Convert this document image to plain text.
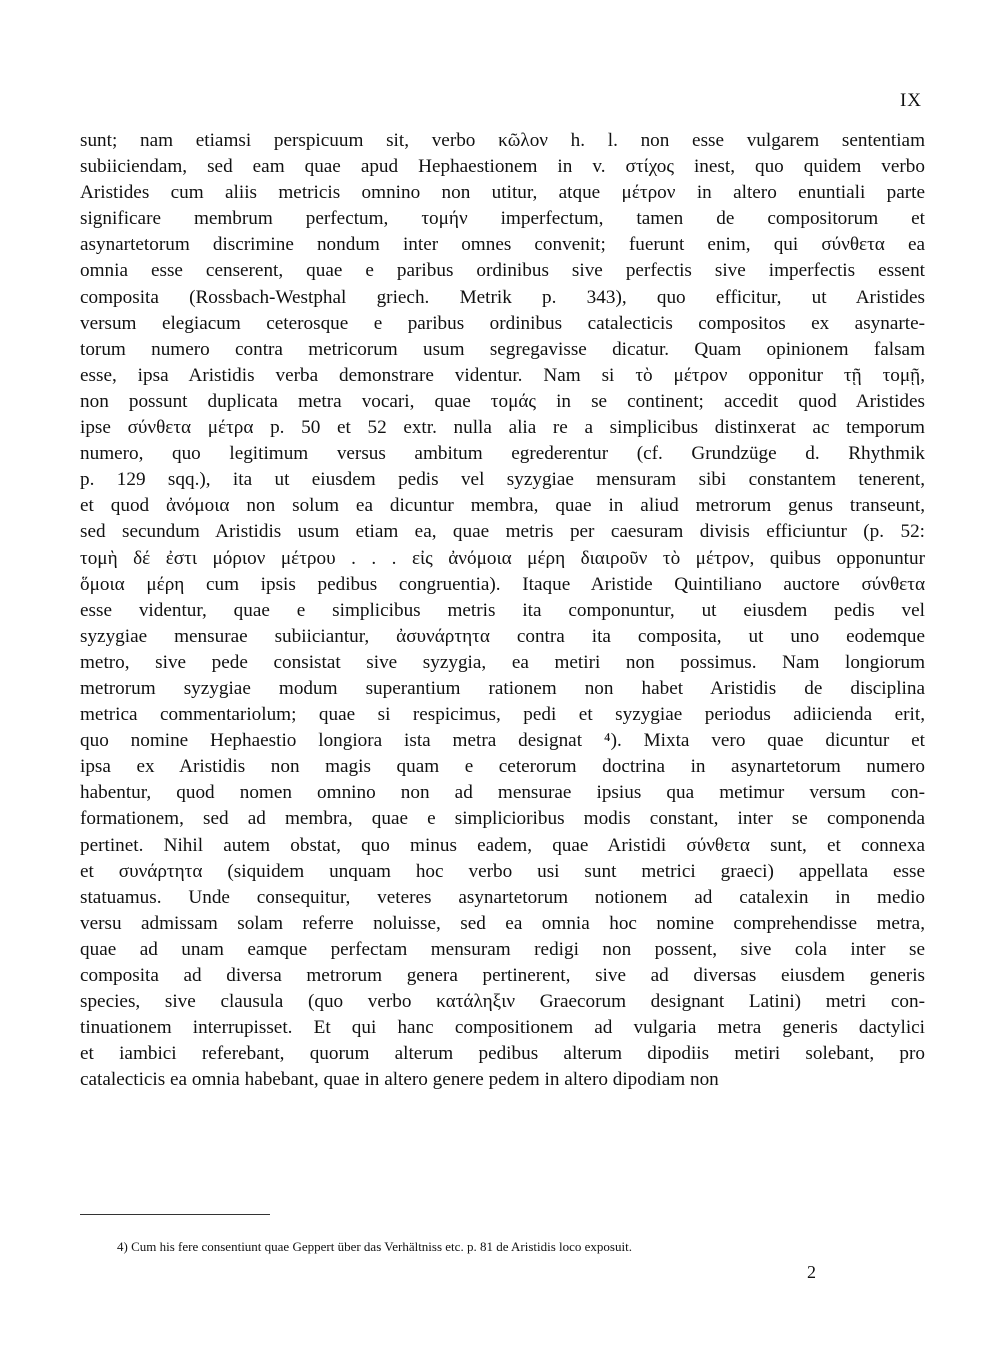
IX
sunt; nam etiamsi perspicuum sit, verbo κῶλον h. l. non esse vulgarem sententiam
subiiciendam, sed eam quae apud Hephaestionem in v. στίχος inest, quo quidem verbo
Aristides cum aliis metricis omnino non utitur, atque μέτρον in altero enuntiali parte
significare membrum perfectum, τομήν imperfectum, tamen de compositorum et
asynartetorum discrimine nondum inter omnes convenit; fuerunt enim, qui σύνθετα ea
omnia esse censerent, quae e paribus ordinibus sive perfectis sive imperfectis essent
composita (Rossbach-Westphal griech. Metrik p. 343), quo efficitur, ut Aristides
versum elegiacum ceterosque e paribus ordinibus catalecticis compositos ex asynarte-
torum numero contra metricorum usum segregavisse dicatur. Quam opinionem falsam
esse, ipsa Aristidis verba demonstrare videntur. Nam si τὸ μέτρον opponitur τῇ τομῇ,
non possunt duplicata metra vocari, quae τομάς in se continent; accedit quod Aristides
ipse σύνθετα μέτρα p. 50 et 52 extr. nulla alia re a simplicibus distinxerat ac temporum
numero, quo legitimum versus ambitum egrederentur (cf. Grundzüge d. Rhythmik
p. 129 sqq.), ita ut eiusdem pedis vel syzygiae mensuram sibi constantem tenerent,
et quod ἀνόμοια non solum ea dicuntur membra, quae in aliud metrorum genus transeunt,
sed secundum Aristidis usum etiam ea, quae metris per caesuram divisis efficiuntur (p. 52:
τομὴ δέ ἐστι μόριον μέτρου . . . εἰς ἀνόμοια μέρη διαιροῦν τὸ μέτρον, quibus opponuntur
ὅμοια μέρη cum ipsis pedibus congruentia). Itaque Aristide Quintiliano auctore σύνθετα
esse videntur, quae e simplicibus metris ita componuntur, ut eiusdem pedis vel
syzygiae mensurae subiiciantur, ἀσυνάρτητα contra ita composita, ut uno eodemque
metro, sive pede consistat sive syzygia, ea metiri non possimus. Nam longiorum
metrorum syzygiae modum superantium rationem non habet Aristidis de disciplina
metrica commentariolum; quae si respicimus, pedi et syzygiae periodus adiicienda erit,
quo nomine Hephaestio longiora ista metra designat ⁴). Mixta vero quae dicuntur et
ipsa ex Aristidis non magis quam e ceterorum doctrina in asynartetorum numero
habentur, quod nomen omnino non ad mensurae ipsius qua metimur versum con-
formationem, sed ad membra, quae e simplicioribus modis constant, inter se componenda
pertinet. Nihil autem obstat, quo minus eadem, quae Aristidi σύνθετα sunt, et connexa
et συνάρτητα (siquidem unquam hoc verbo usi sunt metrici graeci) appellata esse
statuamus. Unde consequitur, veteres asynartetorum notionem ad catalexin in medio
versu admissam solam referre noluisse, sed ea omnia hoc nomine comprehendisse metra,
quae ad unam eamque perfectam mensuram redigi non possent, sive cola inter se
composita ad diversa metrorum genera pertinerent, sive ad diversas eiusdem generis
species, sive clausula (quo verbo κατάληξιν Graecorum designant Latini) metri con-
tinuationem interrupisset. Et qui hanc compositionem ad vulgaria metra generis dactylici
et iambici referebant, quorum alterum pedibus alterum dipodiis metiri solebant, pro
catalecticis ea omnia habebant, quae in altero genere pedem in altero dipodiam non
4) Cum his fere consentiunt quae Geppert über das Verhältniss etc. p. 81 de Aristidis loco exposuit.
2
